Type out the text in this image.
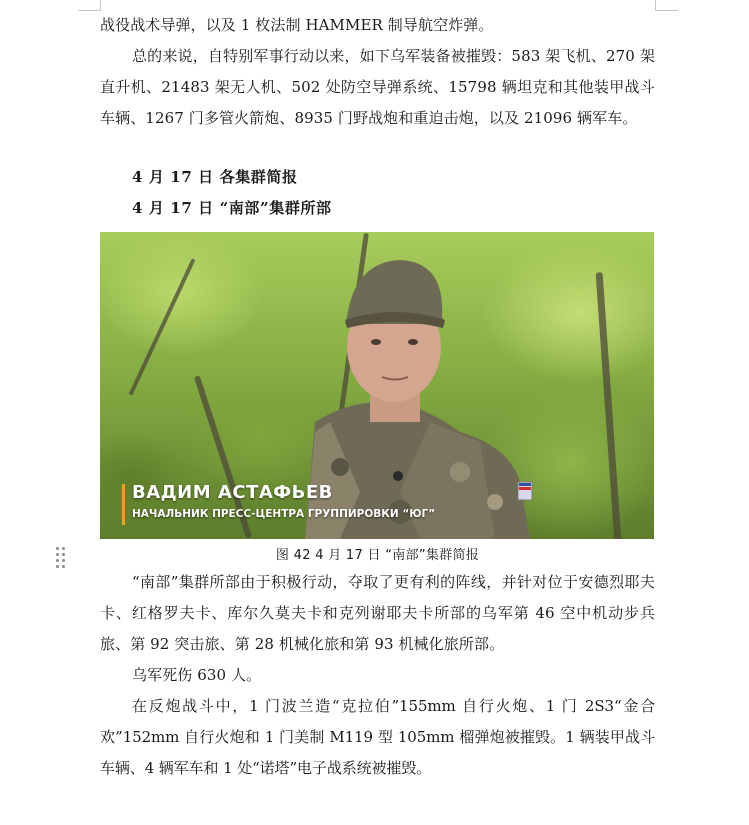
战役战术导弹，以及 1 枚法制 HAMMER 制导航空炸弹。

总的来说，自特别军事行动以来，如下乌军装备被摧毁：583 架飞机、270 架直升机、21483 架无人机、502 处防空导弹系统、15798 辆坦克和其他装甲战斗车辆、1267 门多管火箭炮、8935 门野战炮和重迫击炮，以及 21096 辆军车。

4 月 17 日 各集群简报

4 月 17 日 “南部”集群所部

ВАДИМ АСТАФЬЕВ
НАЧАЛЬНИК ПРЕСС-ЦЕНТРА ГРУППИРОВКИ “ЮГ”

图 42 4 月 17 日 “南部”集群简报

“南部”集群所部由于积极行动，夺取了更有利的阵线，并针对位于安德烈耶夫卡、红格罗夫卡、库尔久莫夫卡和克列谢耶夫卡所部的乌军第 46 空中机动步兵旅、第 92 突击旅、第 28 机械化旅和第 93 机械化旅所部。

乌军死伤 630 人。

在反炮战斗中，1 门波兰造“克拉伯”155mm 自行火炮、1 门 2S3“金合欢”152mm 自行火炮和 1 门美制 M119 型 105mm 榴弹炮被摧毁。1 辆装甲战斗车辆、4 辆军车和 1 处“诺塔”电子战系统被摧毁。
